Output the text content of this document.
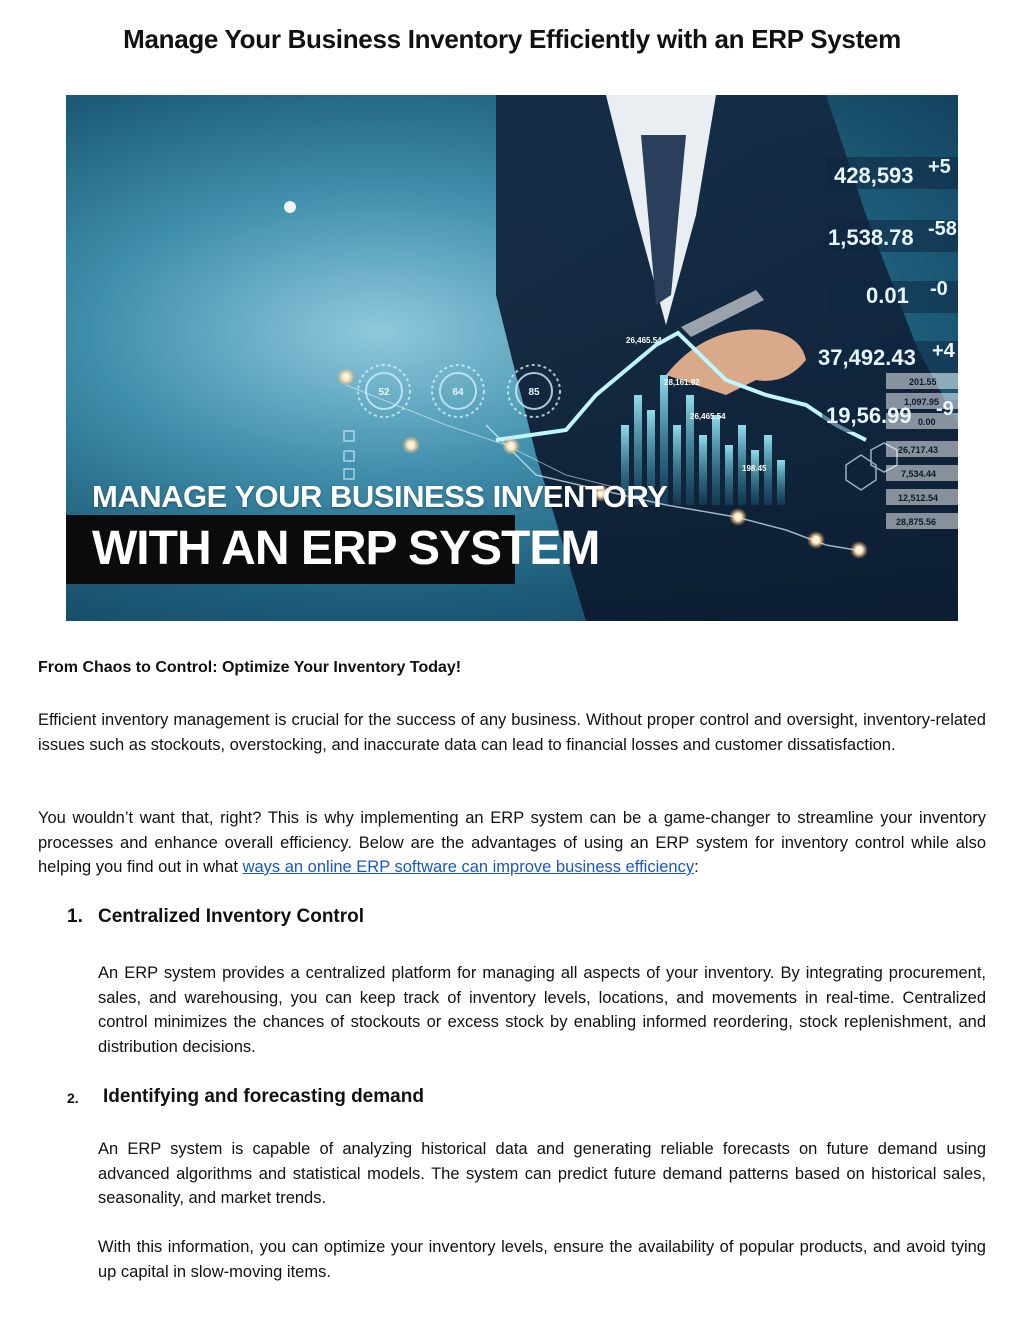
Manage Your Business Inventory Efficiently with an ERP System
428,593 +5
1,538.78 -58
0.01 -0
37,492.43 +4
19,56.99 -9
201.55
1,097.95
0.00
26,717.43
7,534.44
12,512.54
28,875.56
26,465.54
28,161.92
26,465.54
198.45
52	64	85
MANAGE YOUR BUSINESS INVENTORY
WITH AN ERP SYSTEM

From Chaos to Control: Optimize Your Inventory Today!

Efficient inventory management is crucial for the success of any business. Without proper control and oversight, inventory-related issues such as stockouts, overstocking, and inaccurate data can lead to financial losses and customer dissatisfaction.

You wouldn’t want that, right? This is why implementing an ERP system can be a game-changer to streamline your inventory processes and enhance overall efficiency. Below are the advantages of using an ERP system for inventory control while also helping you find out in what ways an online ERP software can improve business efficiency:

1. Centralized Inventory Control

An ERP system provides a centralized platform for managing all aspects of your inventory. By integrating procurement, sales, and warehousing, you can keep track of inventory levels, locations, and movements in real-time. Centralized control minimizes the chances of stockouts or excess stock by enabling informed reordering, stock replenishment, and distribution decisions.

2. Identifying and forecasting demand

An ERP system is capable of analyzing historical data and generating reliable forecasts on future demand using advanced algorithms and statistical models. The system can predict future demand patterns based on historical sales, seasonality, and market trends.

With this information, you can optimize your inventory levels, ensure the availability of popular products, and avoid tying up capital in slow-moving items.
